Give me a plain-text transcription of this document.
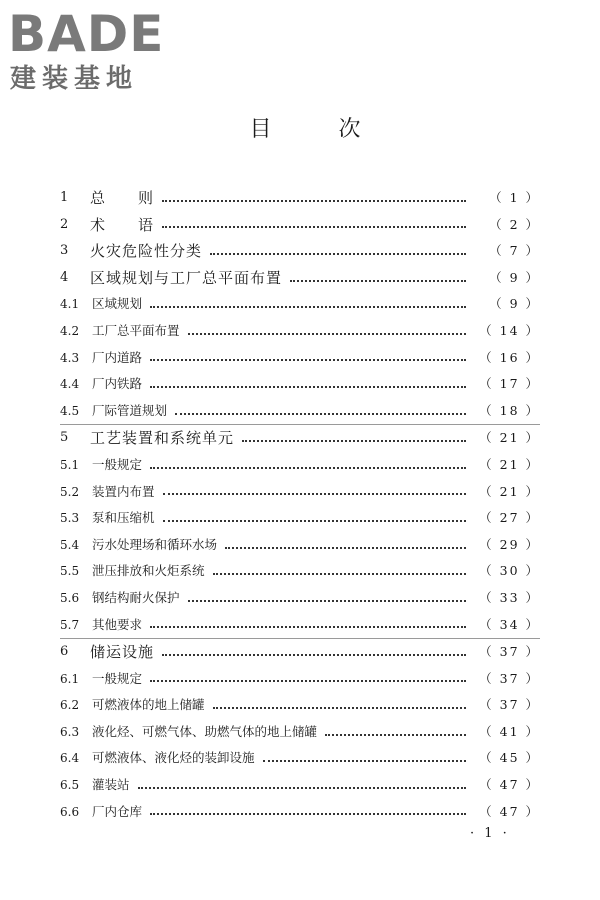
BADE
建装基地
目 次
1	总　　则	（ 1 ）
2	术　　语	（ 2 ）
3	火灾危险性分类	（ 7 ）
4	区域规划与工厂总平面布置	（ 9 ）
4.1	区域规划	（ 9 ）
4.2	工厂总平面布置	（ 14 ）
4.3	厂内道路	（ 16 ）
4.4	厂内铁路	（ 17 ）
4.5	厂际管道规划	（ 18 ）
5	工艺装置和系统单元	（ 21 ）
5.1	一般规定	（ 21 ）
5.2	装置内布置	（ 21 ）
5.3	泵和压缩机	（ 27 ）
5.4	污水处理场和循环水场	（ 29 ）
5.5	泄压排放和火炬系统	（ 30 ）
5.6	钢结构耐火保护	（ 33 ）
5.7	其他要求	（ 34 ）
6	储运设施	（ 37 ）
6.1	一般规定	（ 37 ）
6.2	可燃液体的地上储罐	（ 37 ）
6.3	液化烃、可燃气体、助燃气体的地上储罐	（ 41 ）
6.4	可燃液体、液化烃的装卸设施	（ 45 ）
6.5	灌装站	（ 47 ）
6.6	厂内仓库	（ 47 ）
· 1 ·
